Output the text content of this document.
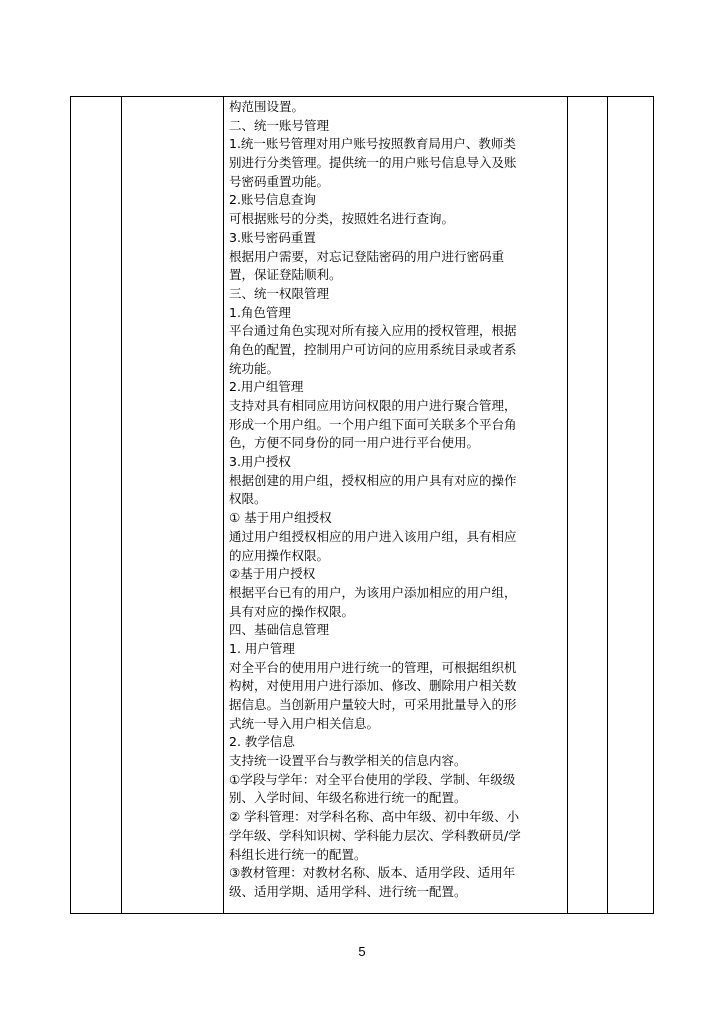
构范围设置。
二、统一账号管理
1.统一账号管理对用户账号按照教育局用户、教师类
别进行分类管理。提供统一的用户账号信息导入及账
号密码重置功能。
2.账号信息查询
可根据账号的分类，按照姓名进行查询。
3.账号密码重置
根据用户需要，对忘记登陆密码的用户进行密码重
置，保证登陆顺利。
三、统一权限管理
1.角色管理
平台通过角色实现对所有接入应用的授权管理，根据
角色的配置，控制用户可访问的应用系统目录或者系
统功能。
2.用户组管理
支持对具有相同应用访问权限的用户进行聚合管理，
形成一个用户组。一个用户组下面可关联多个平台角
色，方便不同身份的同一用户进行平台使用。
3.用户授权
根据创建的用户组，授权相应的用户具有对应的操作
权限。
① 基于用户组授权
通过用户组授权相应的用户进入该用户组，具有相应
的应用操作权限。
②基于用户授权
根据平台已有的用户，为该用户添加相应的用户组，
具有对应的操作权限。
四、基础信息管理
1. 用户管理
对全平台的使用用户进行统一的管理，可根据组织机
构树，对使用用户进行添加、修改、删除用户相关数
据信息。当创新用户量较大时，可采用批量导入的形
式统一导入用户相关信息。
2. 教学信息
支持统一设置平台与教学相关的信息内容。
①学段与学年：对全平台使用的学段、学制、年级级
别、入学时间、年级名称进行统一的配置。
② 学科管理：对学科名称、高中年级、初中年级、小
学年级、学科知识树、学科能力层次、学科教研员/学
科组长进行统一的配置。
③教材管理：对教材名称、版本、适用学段、适用年
级、适用学期、适用学科、进行统一配置。
5
